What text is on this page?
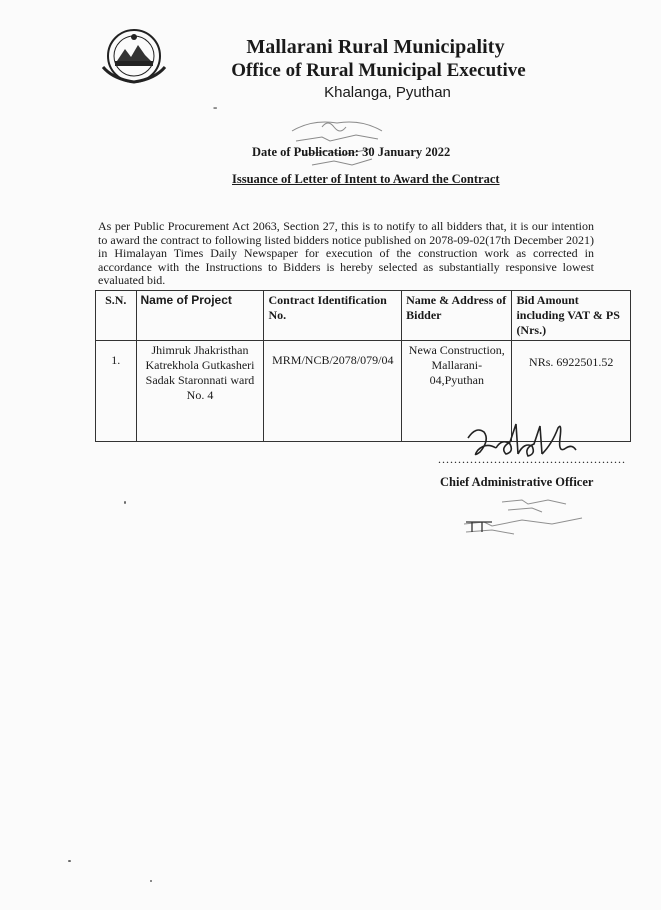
Mallarani Rural Municipality
Office of Rural Municipal Executive
Khalanga, Pyuthan
-
Date of Publication: 30 January 2022
Issuance of Letter of Intent to Award the Contract
As per Public Procurement Act 2063, Section 27, this is to notify to all bidders that, it is our intention to award the contract to following listed bidders notice published on 2078-09-02(17th December 2021) in Himalayan Times Daily Newspaper for execution of the construction work as corrected in accordance with the Instructions to Bidders is hereby selected as substantially responsive lowest evaluated bid.
S.N.	Name of Project	Contract Identification No.	Name & Address of Bidder	Bid Amount including VAT & PS (Nrs.)
1.	Jhimruk Jhakristhan Katrekhola Gutkasheri Sadak Staronnati ward No. 4	MRM/NCB/2078/079/04	Newa Construction, Mallarani-04,Pyuthan	NRs. 6922501.52
...............................................
Chief Administrative Officer
